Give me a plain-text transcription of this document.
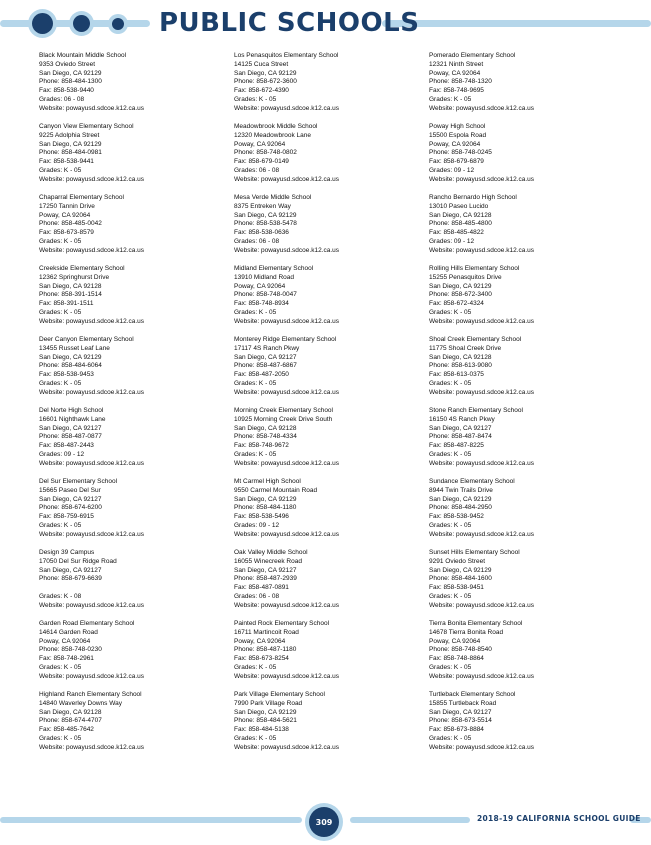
PUBLIC SCHOOLS
Black Mountain Middle School
9353 Oviedo Street
San Diego, CA 92129
Phone: 858-484-1300
Fax: 858-538-9440
Grades: 06 - 08
Website: powayusd.sdcoe.k12.ca.us
Canyon View Elementary School
9225 Adolphia Street
San Diego, CA 92129
Phone: 858-484-0981
Fax: 858-538-9441
Grades: K - 05
Website: powayusd.sdcoe.k12.ca.us
Chaparral Elementary School
17250 Tannin Drive
Poway, CA 92064
Phone: 858-485-0042
Fax: 858-673-8579
Grades: K - 05
Website: powayusd.sdcoe.k12.ca.us
Creekside Elementary School
12362 Springhurst Drive
San Diego, CA 92128
Phone: 858-391-1514
Fax: 858-391-1511
Grades: K - 05
Website: powayusd.sdcoe.k12.ca.us
Deer Canyon Elementary School
13455 Russet Leaf Lane
San Diego, CA 92129
Phone: 858-484-6064
Fax: 858-538-9453
Grades: K - 05
Website: powayusd.sdcoe.k12.ca.us
Del Norte High School
16601 Nighthawk Lane
San Diego, CA 92127
Phone: 858-487-0877
Fax: 858-487-2443
Grades: 09 - 12
Website: powayusd.sdcoe.k12.ca.us
Del Sur Elementary School
15665 Paseo Del Sur
San Diego, CA 92127
Phone: 858-674-6200
Fax: 858-759-6915
Grades: K - 05
Website: powayusd.sdcoe.k12.ca.us
Design 39 Campus
17050 Del Sur Ridge Road
San Diego, CA 92127
Phone: 858-679-6639
Grades: K - 08
Website: powayusd.sdcoe.k12.ca.us
Garden Road Elementary School
14614 Garden Road
Poway, CA 92064
Phone: 858-748-0230
Fax: 858-748-2961
Grades: K - 05
Website: powayusd.sdcoe.k12.ca.us
Highland Ranch Elementary School
14840 Waverley Downs Way
San Diego, CA 92128
Phone: 858-674-4707
Fax: 858-485-7642
Grades: K - 05
Website: powayusd.sdcoe.k12.ca.us
Los Penasquitos Elementary School
14125 Cuca Street
San Diego, CA 92129
Phone: 858-672-3600
Fax: 858-672-4390
Grades: K - 05
Website: powayusd.sdcoe.k12.ca.us
Meadowbrook Middle School
12320 Meadowbrook Lane
Poway, CA 92064
Phone: 858-748-0802
Fax: 858-679-0149
Grades: 06 - 08
Website: powayusd.sdcoe.k12.ca.us
Mesa Verde Middle School
8375 Entreken Way
San Diego, CA 92129
Phone: 858-538-5478
Fax: 858-538-0636
Grades: 06 - 08
Website: powayusd.sdcoe.k12.ca.us
Midland Elementary School
13910 Midland Road
Poway, CA 92064
Phone: 858-748-0047
Fax: 858-748-8934
Grades: K - 05
Website: powayusd.sdcoe.k12.ca.us
Monterey Ridge Elementary School
17117 4S Ranch Pkwy
San Diego, CA 92127
Phone: 858-487-6867
Fax: 858-487-2050
Grades: K - 05
Website: powayusd.sdcoe.k12.ca.us
Morning Creek Elementary School
10925 Morning Creek Drive South
San Diego, CA 92128
Phone: 858-748-4334
Fax: 858-748-9672
Grades: K - 05
Website: powayusd.sdcoe.k12.ca.us
Mt Carmel High School
9550 Carmel Mountain Road
San Diego, CA 92129
Phone: 858-484-1180
Fax: 858-538-5496
Grades: 09 - 12
Website: powayusd.sdcoe.k12.ca.us
Oak Valley Middle School
16055 Winecreek Road
San Diego, CA 92127
Phone: 858-487-2939
Fax: 858-487-0891
Grades: 06 - 08
Website: powayusd.sdcoe.k12.ca.us
Painted Rock Elementary School
16711 Martincoit Road
Poway, CA 92064
Phone: 858-487-1180
Fax: 858-673-8254
Grades: K - 05
Website: powayusd.sdcoe.k12.ca.us
Park Village Elementary School
7990 Park Village Road
San Diego, CA 92129
Phone: 858-484-5621
Fax: 858-484-5138
Grades: K - 05
Website: powayusd.sdcoe.k12.ca.us
Pomerado Elementary School
12321 Ninth Street
Poway, CA 92064
Phone: 858-748-1320
Fax: 858-748-9695
Grades: K - 05
Website: powayusd.sdcoe.k12.ca.us
Poway High School
15500 Espola Road
Poway, CA 92064
Phone: 858-748-0245
Fax: 858-679-6879
Grades: 09 - 12
Website: powayusd.sdcoe.k12.ca.us
Rancho Bernardo High School
13010 Paseo Lucido
San Diego, CA 92128
Phone: 858-485-4800
Fax: 858-485-4822
Grades: 09 - 12
Website: powayusd.sdcoe.k12.ca.us
Rolling Hills Elementary School
15255 Penasquitos Drive
San Diego, CA 92129
Phone: 858-672-3400
Fax: 858-672-4324
Grades: K - 05
Website: powayusd.sdcoe.k12.ca.us
Shoal Creek Elementary School
11775 Shoal Creek Drive
San Diego, CA 92128
Phone: 858-613-9080
Fax: 858-613-0375
Grades: K - 05
Website: powayusd.sdcoe.k12.ca.us
Stone Ranch Elementary School
16150 4S Ranch Pkwy
San Diego, CA 92127
Phone: 858-487-8474
Fax: 858-487-8225
Grades: K - 05
Website: powayusd.sdcoe.k12.ca.us
Sundance Elementary School
8944 Twin Trails Drive
San Diego, CA 92129
Phone: 858-484-2950
Fax: 858-538-9452
Grades: K - 05
Website: powayusd.sdcoe.k12.ca.us
Sunset Hills Elementary School
9291 Oviedo Street
San Diego, CA 92129
Phone: 858-484-1600
Fax: 858-538-9451
Grades: K - 05
Website: powayusd.sdcoe.k12.ca.us
Tierra Bonita Elementary School
14678 Tierra Bonita Road
Poway, CA 92064
Phone: 858-748-8540
Fax: 858-748-8864
Grades: K - 05
Website: powayusd.sdcoe.k12.ca.us
Turtleback Elementary School
15855 Turtleback Road
San Diego, CA 92127
Phone: 858-673-5514
Fax: 858-673-8884
Grades: K - 05
Website: powayusd.sdcoe.k12.ca.us
309	2018-19 CALIFORNIA SCHOOL GUIDE
